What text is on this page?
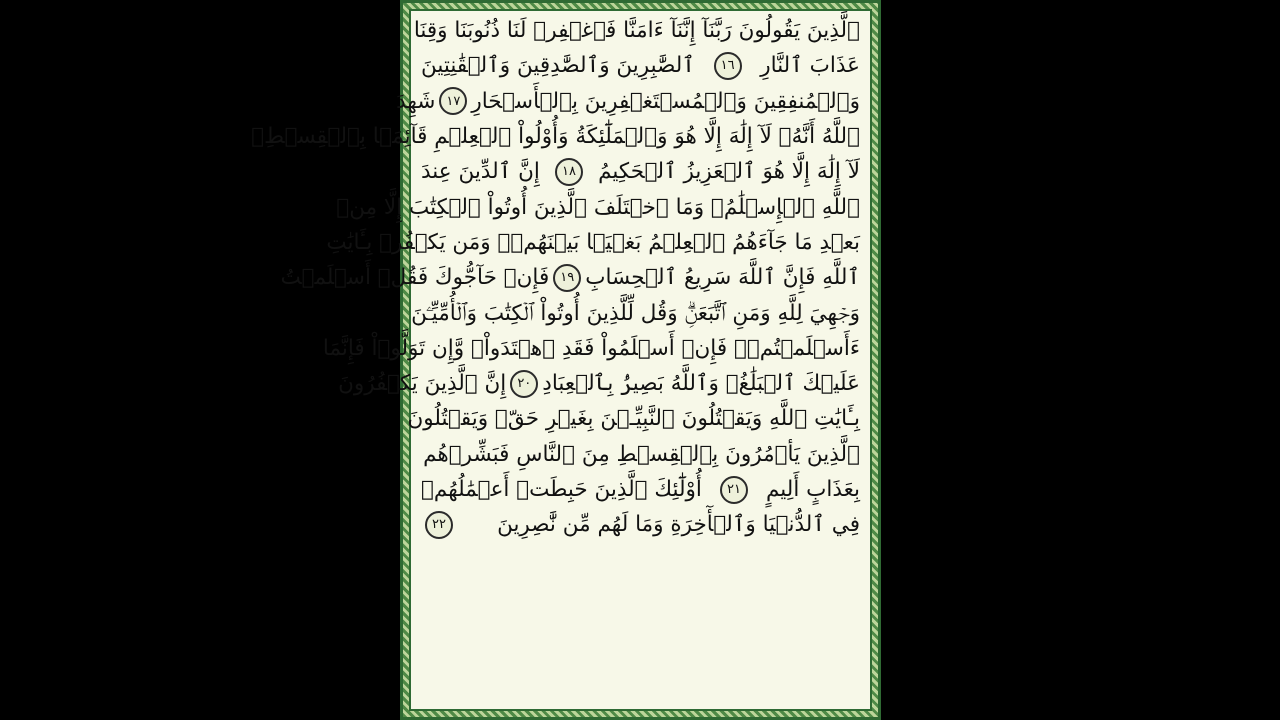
ٱلَّذِينَ يَقُولُونَ رَبَّنَآ إِنَّنَآ ءَامَنَّا فَٱغۡفِرۡ لَنَا ذُنُوبَنَا وَقِنَا
عَذَابَ ٱلنَّارِ
١٦
ٱلصَّٰبِرِينَ وَٱلصَّٰدِقِينَ وَٱلۡقَٰنِتِينَ
وَٱلۡمُنفِقِينَ وَٱلۡمُسۡتَغۡفِرِينَ بِٱلۡأَسۡحَارِ
١٧
شَهِدَ
ٱللَّهُ أَنَّهُۥ لَآ إِلَٰهَ إِلَّا هُوَ وَٱلۡمَلَٰٓئِكَةُ وَأُوْلُواْ ٱلۡعِلۡمِ قَآئِمَۢا بِٱلۡقِسۡطِۚ
لَآ إِلَٰهَ إِلَّا هُوَ ٱلۡعَزِيزُ ٱلۡحَكِيمُ
١٨
إِنَّ ٱلدِّينَ عِندَ
ٱللَّهِ ٱلۡإِسۡلَٰمُۗ وَمَا ٱخۡتَلَفَ ٱلَّذِينَ أُوتُواْ ٱلۡكِتَٰبَ إِلَّا مِنۢ
بَعۡدِ مَا جَآءَهُمُ ٱلۡعِلۡمُ بَغۡيَۢا بَيۡنَهُمۡۗ وَمَن يَكۡفُرۡ بِـَٔايَٰتِ
ٱللَّهِ فَإِنَّ ٱللَّهَ سَرِيعُ ٱلۡحِسَابِ
١٩
فَإِنۡ حَآجُّوكَ فَقُلۡ أَسۡلَمۡتُ
وَجۡهِيَ لِلَّهِ وَمَنِ ٱتَّبَعَنِۗ وَقُل لِّلَّذِينَ أُوتُواْ ٱلۡكِتَٰبَ وَٱلۡأُمِّيِّـۧنَ
ءَأَسۡلَمۡتُمۡۚ فَإِنۡ أَسۡلَمُواْ فَقَدِ ٱهۡتَدَواْۖ وَّإِن تَوَلَّوۡاْ فَإِنَّمَا
عَلَيۡكَ ٱلۡبَلَٰغُۗ وَٱللَّهُ بَصِيرُۢ بِٱلۡعِبَادِ
٢٠
إِنَّ ٱلَّذِينَ يَكۡفُرُونَ
بِـَٔايَٰتِ ٱللَّهِ وَيَقۡتُلُونَ ٱلنَّبِيِّـۧنَ بِغَيۡرِ حَقّٖ وَيَقۡتُلُونَ
ٱلَّذِينَ يَأۡمُرُونَ بِٱلۡقِسۡطِ مِنَ ٱلنَّاسِ فَبَشِّرۡهُم
بِعَذَابٍ أَلِيمٍ
٢١
أُوْلَٰٓئِكَ ٱلَّذِينَ حَبِطَتۡ أَعۡمَٰلُهُمۡ
فِي ٱلدُّنۡيَا وَٱلۡأٓخِرَةِ وَمَا لَهُم مِّن نَّٰصِرِينَ
٢٢
